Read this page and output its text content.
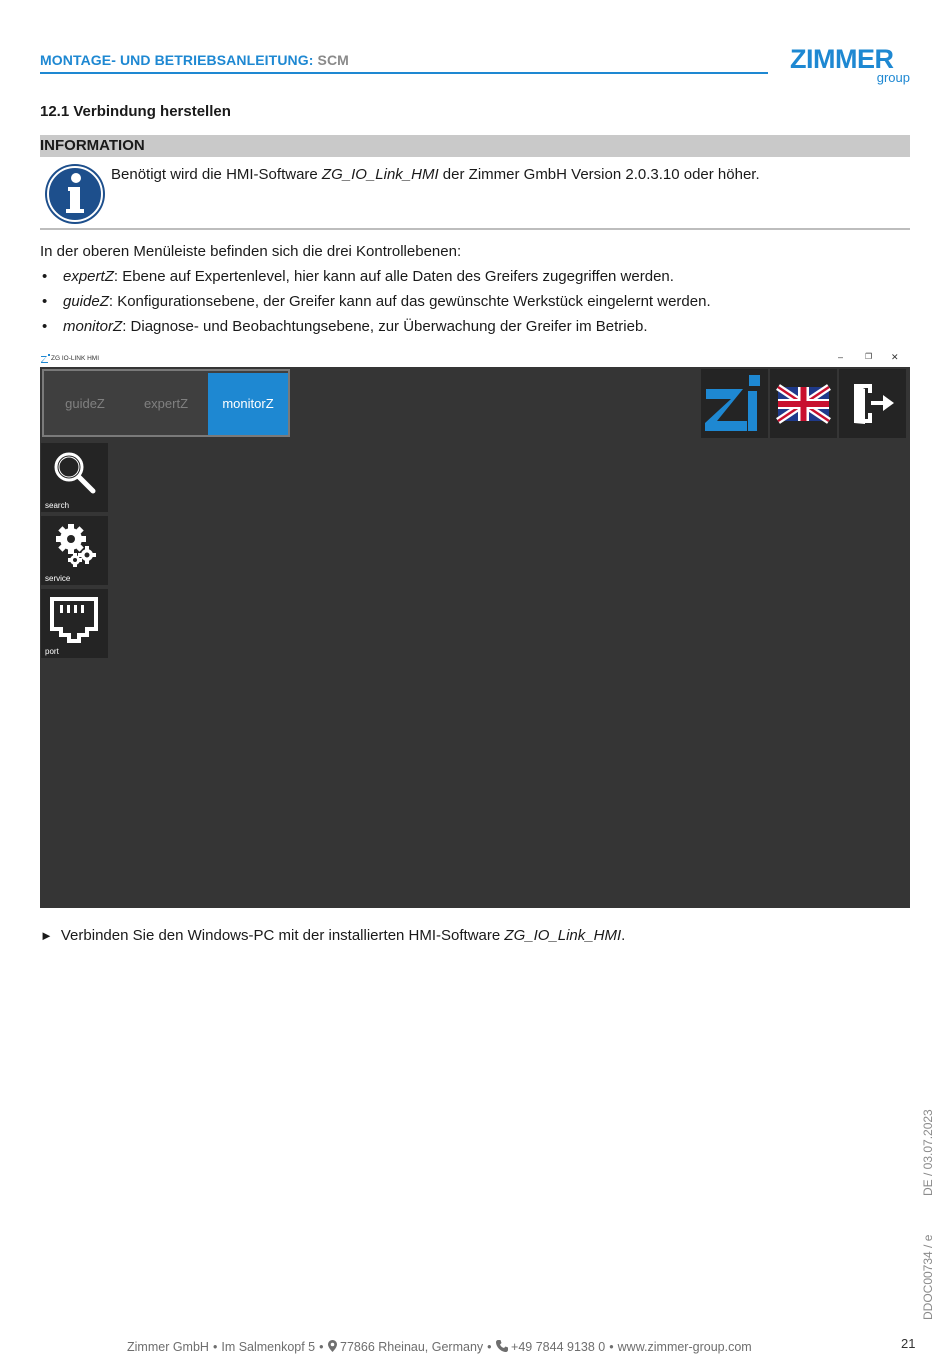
MONTAGE- UND BETRIEBSANLEITUNG: SCM	ZIMMER
group
12.1 Verbindung herstellen
INFORMATION
Benötigt wird die HMI-Software ZG_IO_Link_HMI der Zimmer GmbH Version 2.0.3.10 oder höher.
In der oberen Menüleiste befinden sich die drei Kontrollebenen:
• expertZ: Ebene auf Expertenlevel, hier kann auf alle Daten des Greifers zugegriffen werden.
• guideZ: Konfigurationsebene, der Greifer kann auf das gewünschte Werkstück eingelernt werden.
• monitorZ: Diagnose- und Beobachtungsebene, zur Überwachung der Greifer im Betrieb.
ZG IO-LINK HMI	–	❐ ✕
guideZ	expertZ	monitorZ
search
service
port
► Verbinden Sie den Windows-PC mit der installierten HMI-Software ZG_IO_Link_HMI.
DE / 03.07.2023
DDOC00734 / e
Zimmer GmbH • Im Salmenkopf 5 • 77866 Rheinau, Germany • +49 7844 9138 0 • www.zimmer-group.com	21
